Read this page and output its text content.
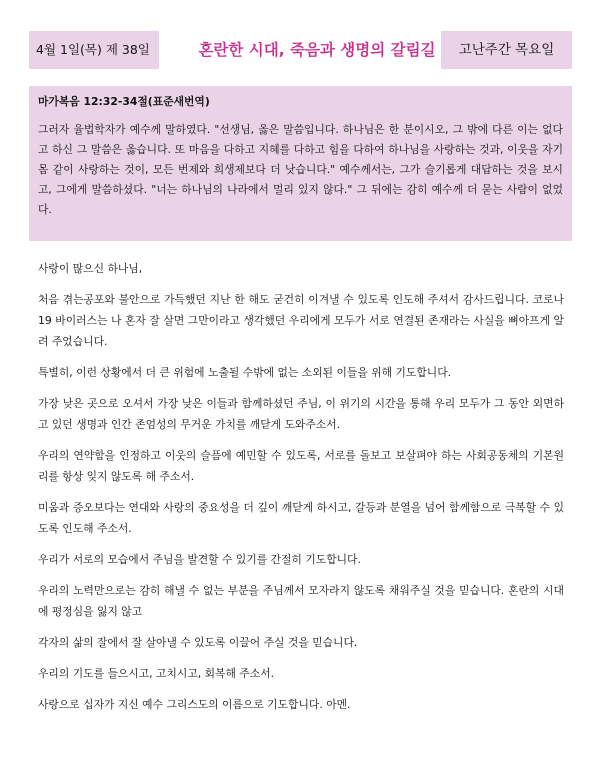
4월 1일(목) 제 38일	혼란한 시대, 죽음과 생명의 갈림길	고난주간 목요일
마가복음 12:32-34절(표준새번역)
그러자 율법학자가 예수께 말하였다. "선생님, 옳은 말씀입니다. 하나님은 한 분이시오, 그 밖에 다른 이는 없다고 하신 그 말씀은 옳습니다. 또 마음을 다하고 지혜를 다하고 힘을 다하여 하나님을 사랑하는 것과, 이웃을 자기 몸 같이 사랑하는 것이, 모든 번제와 희생제보다 더 낫습니다." 예수께서는, 그가 슬기롭게 대답하는 것을 보시고, 그에게 말씀하셨다. "너는 하나님의 나라에서 멀리 있지 않다." 그 뒤에는 감히 예수께 더 묻는 사람이 없었다.

사랑이 많으신 하나님,

처음 겪는공포와 불안으로 가득했던 지난 한 해도 굳건히 이겨낼 수 있도록 인도해 주셔서 감사드립니다. 코로나19 바이러스는 나 혼자 잘 살면 그만이라고 생각했던 우리에게 모두가 서로 연결된 존재라는 사실을 뼈아프게 알려 주었습니다.

특별히, 이런 상황에서 더 큰 위험에 노출될 수밖에 없는 소외된 이들을 위해 기도합니다.

가장 낮은 곳으로 오셔서 가장 낮은 이들과 함께하셨던 주님, 이 위기의 시간을 통해 우리 모두가 그 동안 외면하고 있던 생명과 인간 존엄성의 무거운 가치를 깨닫게 도와주소서.

우리의 연약함을 인정하고 이웃의 슬픔에 예민할 수 있도록, 서로를 돌보고 보살펴야 하는 사회공동체의 기본원리를 항상 잊지 않도록 해 주소서.

미움과 증오보다는 연대와 사랑의 중요성을 더 깊이 깨닫게 하시고, 갈등과 분열을 넘어 함께함으로 극복할 수 있도록 인도해 주소서.

우리가 서로의 모습에서 주님을 발견할 수 있기를 간절히 기도합니다.

우리의 노력만으로는 감히 해낼 수 없는 부분을 주님께서 모자라지 않도록 채워주실 것을 믿습니다. 혼란의 시대에 평정심을 잃지 않고

각자의 삶의 잘에서 잘 살아낼 수 있도록 이끌어 주실 것을 믿습니다.

우리의 기도를 들으시고, 고치시고, 회복해 주소서.

사랑으로 십자가 지신 예수 그리스도의 이름으로 기도합니다. 아멘.
